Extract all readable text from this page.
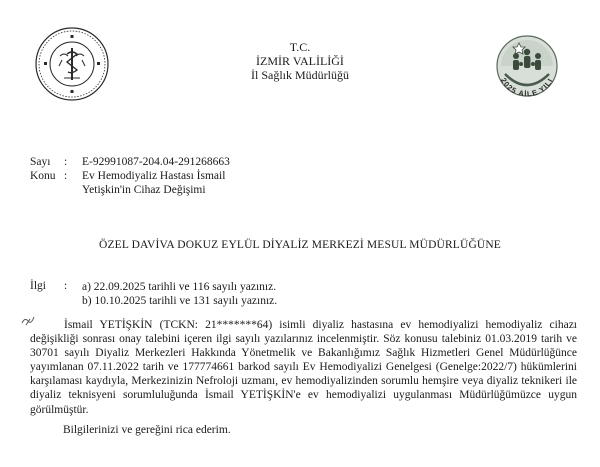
T.C.
İZMİR VALİLİĞİ
İl Sağlık Müdürlüğü	2025 AİLE YILI
Sayı : E-92991087-204.04-291268663
Konu : Ev Hemodiyaliz Hastası İsmail
Yetişkin'in Cihaz Değişimi
ÖZEL DAVİVA DOKUZ EYLÜL DİYALİZ MERKEZİ MESUL MÜDÜRLÜĞÜNE
İlgi : a) 22.09.2025 tarihli ve 116 sayılı yazınız.
b) 10.10.2025 tarihli ve 131 sayılı yazınız.
İsmail YETİŞKİN (TCKN: 21*******64) isimli diyaliz hastasına ev hemodiyalizi hemodiyaliz cihazı değişikliği sonrası onay talebini içeren ilgi sayılı yazılarınız incelenmiştir. Söz konusu talebiniz 01.03.2019 tarih ve 30701 sayılı Diyaliz Merkezleri Hakkında Yönetmelik ve Bakanlığımız Sağlık Hizmetleri Genel Müdürlüğünce yayımlanan 07.11.2022 tarih ve 177774661 barkod sayılı Ev Hemodiyalizi Genelgesi (Genelge:2022/7) hükümlerini karşılaması kaydıyla, Merkezinizin Nefroloji uzmanı, ev hemodiyalizinden sorumlu hemşire veya diyaliz teknikeri ile diyaliz teknisyeni sorumluluğunda İsmail YETİŞKİN'e ev hemodiyalizi uygulanması Müdürlüğümüzce uygun görülmüştür.
Bilgilerinizi ve gereğini rica ederim.
